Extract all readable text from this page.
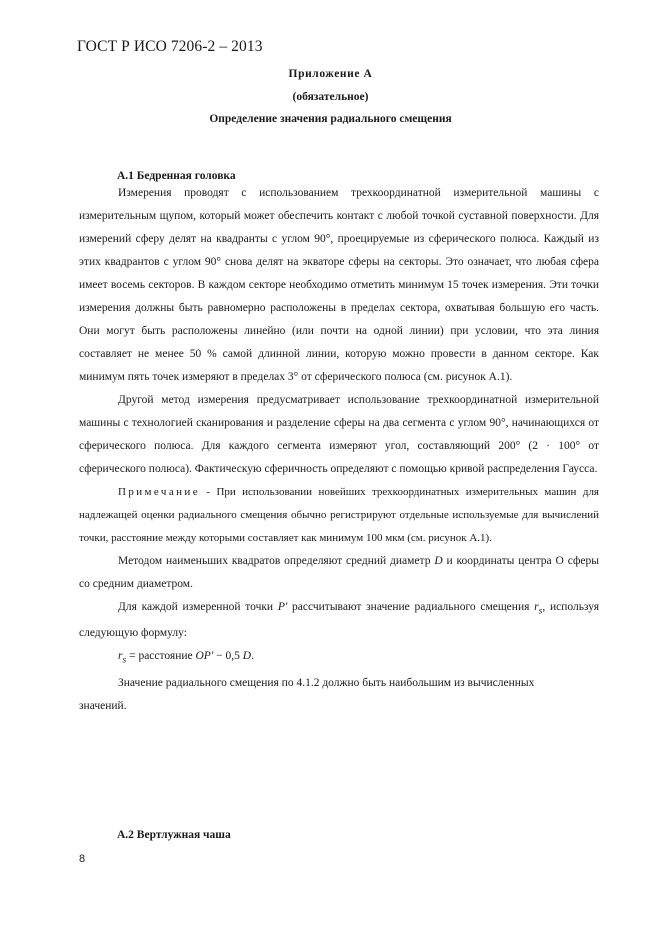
ГОСТ Р ИСО 7206-2 – 2013
Приложение А
(обязательное)
Определение значения радиального смещения
А.1 Бедренная головка

Измерения проводят с использованием трехкоординатной измерительной машины с измерительным щупом, который может обеспечить контакт с любой точкой суставной поверхности. Для измерений сферу делят на квадранты с углом 90°, проецируемые из сферического полюса. Каждый из этих квадрантов с углом 90° снова делят на экваторе сферы на секторы. Это означает, что любая сфера имеет восемь секторов. В каждом секторе необходимо отметить минимум 15 точек измерения. Эти точки измерения должны быть равномерно расположены в пределах сектора, охватывая большую его часть. Они могут быть расположены линейно (или почти на одной линии) при условии, что эта линия составляет не менее 50 % самой длинной линии, которую можно провести в данном секторе. Как минимум пять точек измеряют в пределах 3° от сферического полюса (см. рисунок А.1).

Другой метод измерения предусматривает использование трехкоординатной измерительной машины с технологией сканирования и разделение сферы на два сегмента с углом 90°, начинающихся от сферического полюса. Для каждого сегмента измеряют угол, составляющий 200° (2 · 100° от сферического полюса). Фактическую сферичность определяют с помощью кривой распределения Гаусса.

Примечание - При использовании новейших трехкоординатных измерительных машин для надлежащей оценки радиального смещения обычно регистрируют отдельные используемые для вычислений точки, расстояние между которыми составляет как минимум 100 мкм (см. рисунок А.1).

Методом наименьших квадратов определяют средний диаметр D и координаты центра О сферы со средним диаметром.

Для каждой измеренной точки P' рассчитывают значение радиального смещения $r_s$, используя следующую формулу:

$r_s$ = расстояние OP' − 0,5 D.

Значение радиального смещения по 4.1.2 должно быть наибольшим из вычисленных значений.

А.2 Вертлужная чаша
8
